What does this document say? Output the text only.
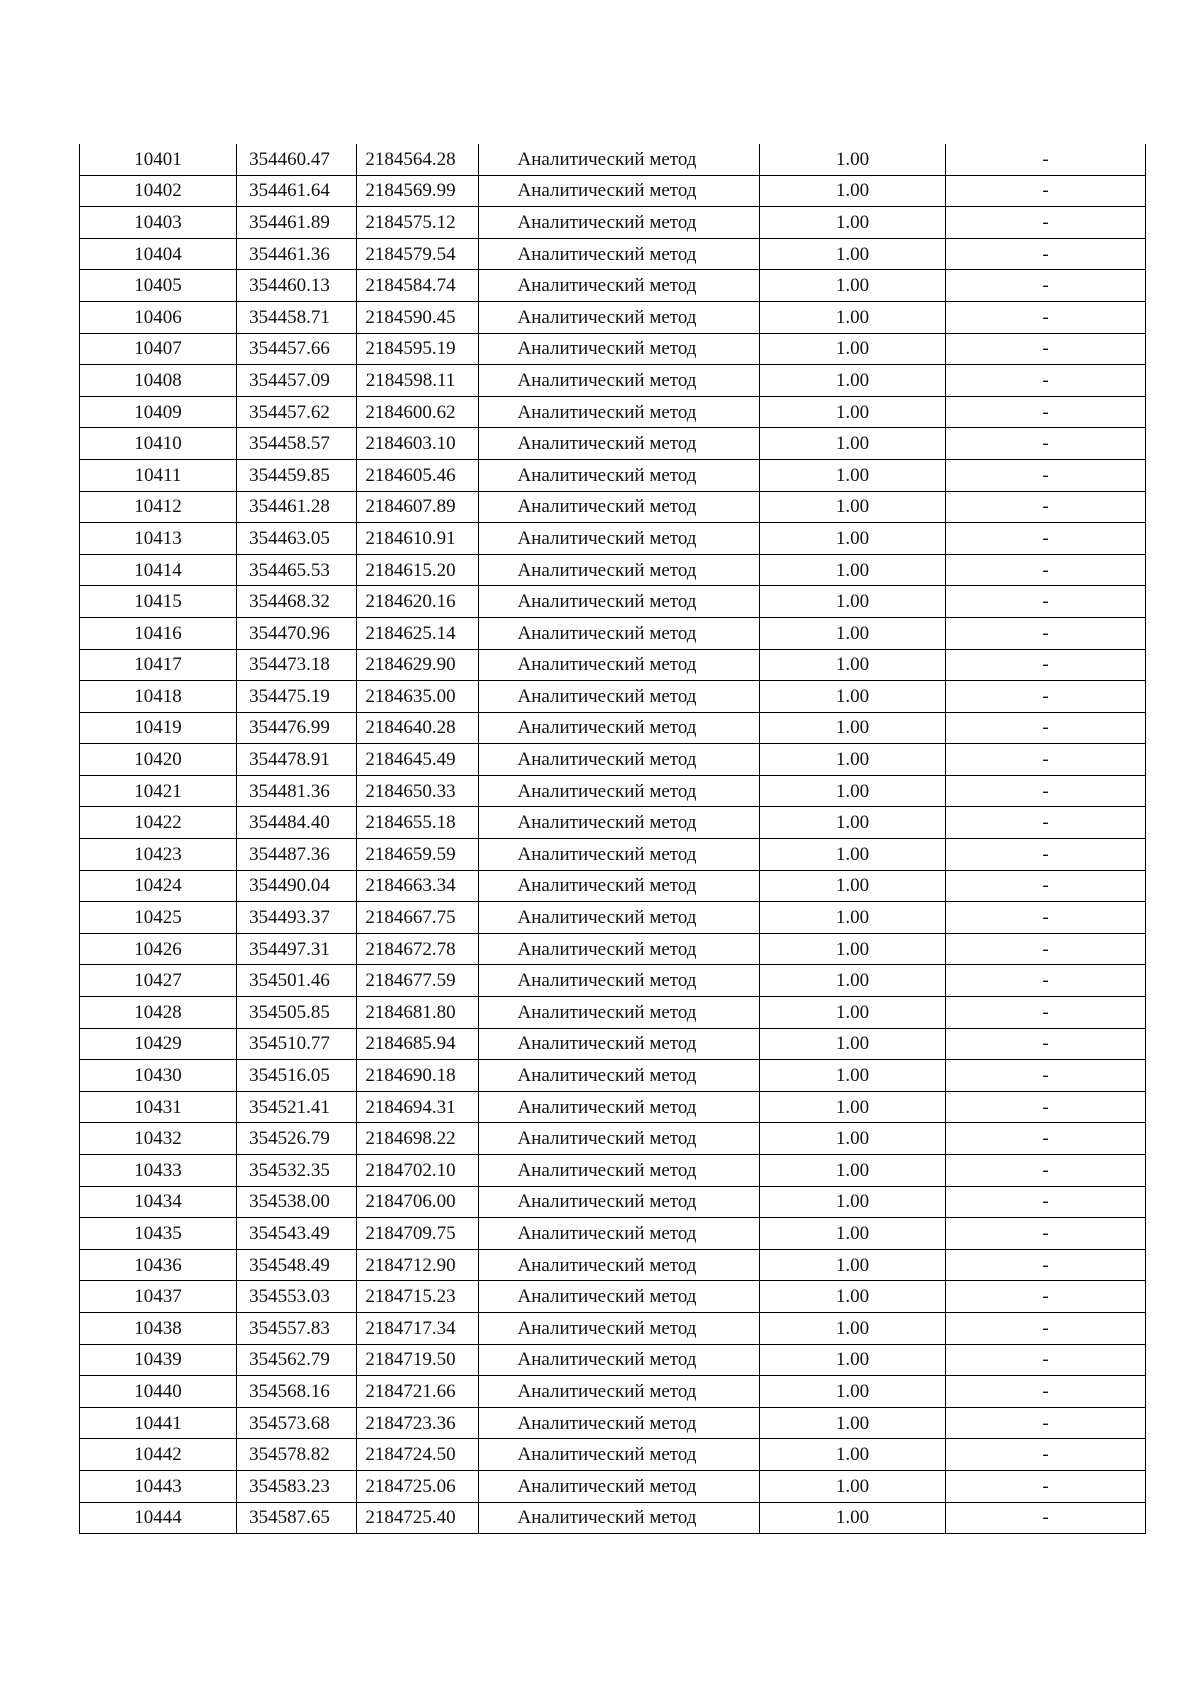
10401	354460.47	2184564.28	Аналитический метод	1.00	-
10402	354461.64	2184569.99	Аналитический метод	1.00	-
10403	354461.89	2184575.12	Аналитический метод	1.00	-
10404	354461.36	2184579.54	Аналитический метод	1.00	-
10405	354460.13	2184584.74	Аналитический метод	1.00	-
10406	354458.71	2184590.45	Аналитический метод	1.00	-
10407	354457.66	2184595.19	Аналитический метод	1.00	-
10408	354457.09	2184598.11	Аналитический метод	1.00	-
10409	354457.62	2184600.62	Аналитический метод	1.00	-
10410	354458.57	2184603.10	Аналитический метод	1.00	-
10411	354459.85	2184605.46	Аналитический метод	1.00	-
10412	354461.28	2184607.89	Аналитический метод	1.00	-
10413	354463.05	2184610.91	Аналитический метод	1.00	-
10414	354465.53	2184615.20	Аналитический метод	1.00	-
10415	354468.32	2184620.16	Аналитический метод	1.00	-
10416	354470.96	2184625.14	Аналитический метод	1.00	-
10417	354473.18	2184629.90	Аналитический метод	1.00	-
10418	354475.19	2184635.00	Аналитический метод	1.00	-
10419	354476.99	2184640.28	Аналитический метод	1.00	-
10420	354478.91	2184645.49	Аналитический метод	1.00	-
10421	354481.36	2184650.33	Аналитический метод	1.00	-
10422	354484.40	2184655.18	Аналитический метод	1.00	-
10423	354487.36	2184659.59	Аналитический метод	1.00	-
10424	354490.04	2184663.34	Аналитический метод	1.00	-
10425	354493.37	2184667.75	Аналитический метод	1.00	-
10426	354497.31	2184672.78	Аналитический метод	1.00	-
10427	354501.46	2184677.59	Аналитический метод	1.00	-
10428	354505.85	2184681.80	Аналитический метод	1.00	-
10429	354510.77	2184685.94	Аналитический метод	1.00	-
10430	354516.05	2184690.18	Аналитический метод	1.00	-
10431	354521.41	2184694.31	Аналитический метод	1.00	-
10432	354526.79	2184698.22	Аналитический метод	1.00	-
10433	354532.35	2184702.10	Аналитический метод	1.00	-
10434	354538.00	2184706.00	Аналитический метод	1.00	-
10435	354543.49	2184709.75	Аналитический метод	1.00	-
10436	354548.49	2184712.90	Аналитический метод	1.00	-
10437	354553.03	2184715.23	Аналитический метод	1.00	-
10438	354557.83	2184717.34	Аналитический метод	1.00	-
10439	354562.79	2184719.50	Аналитический метод	1.00	-
10440	354568.16	2184721.66	Аналитический метод	1.00	-
10441	354573.68	2184723.36	Аналитический метод	1.00	-
10442	354578.82	2184724.50	Аналитический метод	1.00	-
10443	354583.23	2184725.06	Аналитический метод	1.00	-
10444	354587.65	2184725.40	Аналитический метод	1.00	-
